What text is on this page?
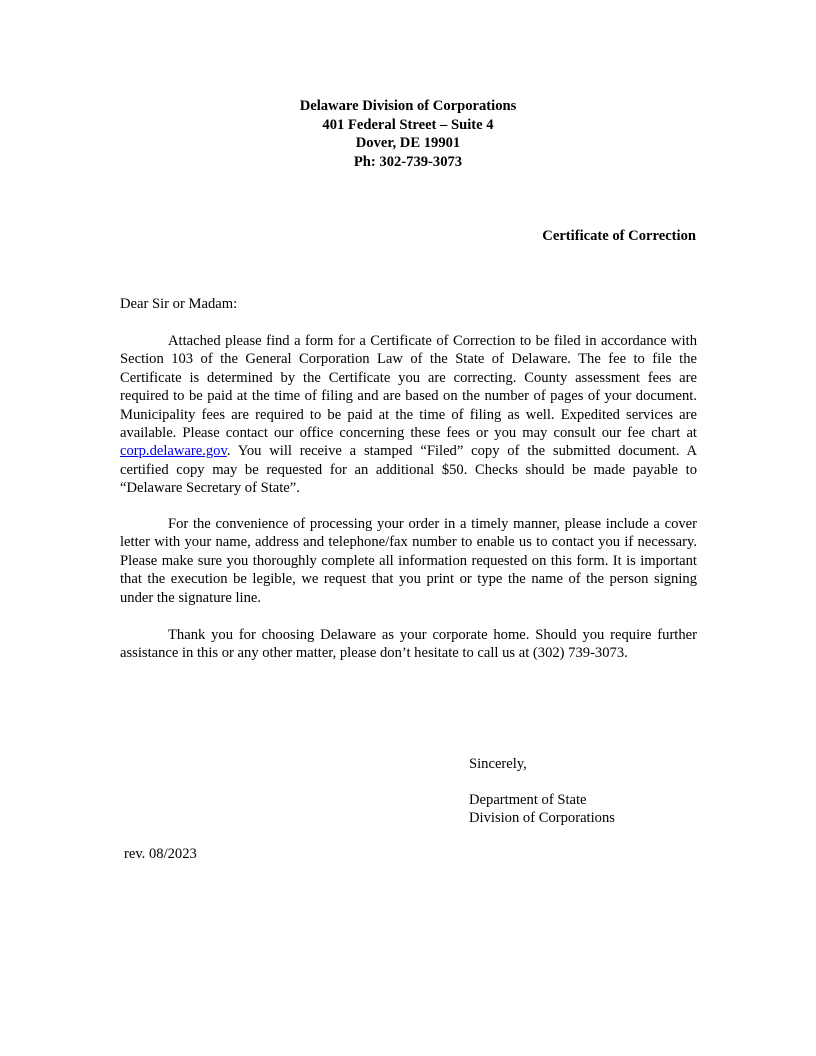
Delaware Division of Corporations
401 Federal Street – Suite 4
Dover, DE 19901
Ph: 302-739-3073
Certificate of Correction
Dear Sir or Madam:

Attached please find a form for a Certificate of Correction to be filed in accordance with Section 103 of the General Corporation Law of the State of Delaware. The fee to file the Certificate is determined by the Certificate you are correcting. County assessment fees are required to be paid at the time of filing and are based on the number of pages of your document. Municipality fees are required to be paid at the time of filing as well. Expedited services are available. Please contact our office concerning these fees or you may consult our fee chart at corp.delaware.gov. You will receive a stamped “Filed” copy of the submitted document. A certified copy may be requested for an additional $50. Checks should be made payable to “Delaware Secretary of State”.

For the convenience of processing your order in a timely manner, please include a cover letter with your name, address and telephone/fax number to enable us to contact you if necessary. Please make sure you thoroughly complete all information requested on this form. It is important that the execution be legible, we request that you print or type the name of the person signing under the signature line.

Thank you for choosing Delaware as your corporate home. Should you require further assistance in this or any other matter, please don’t hesitate to call us at (302) 739-3073.

Sincerely,
Department of State
Division of Corporations
rev. 08/2023
